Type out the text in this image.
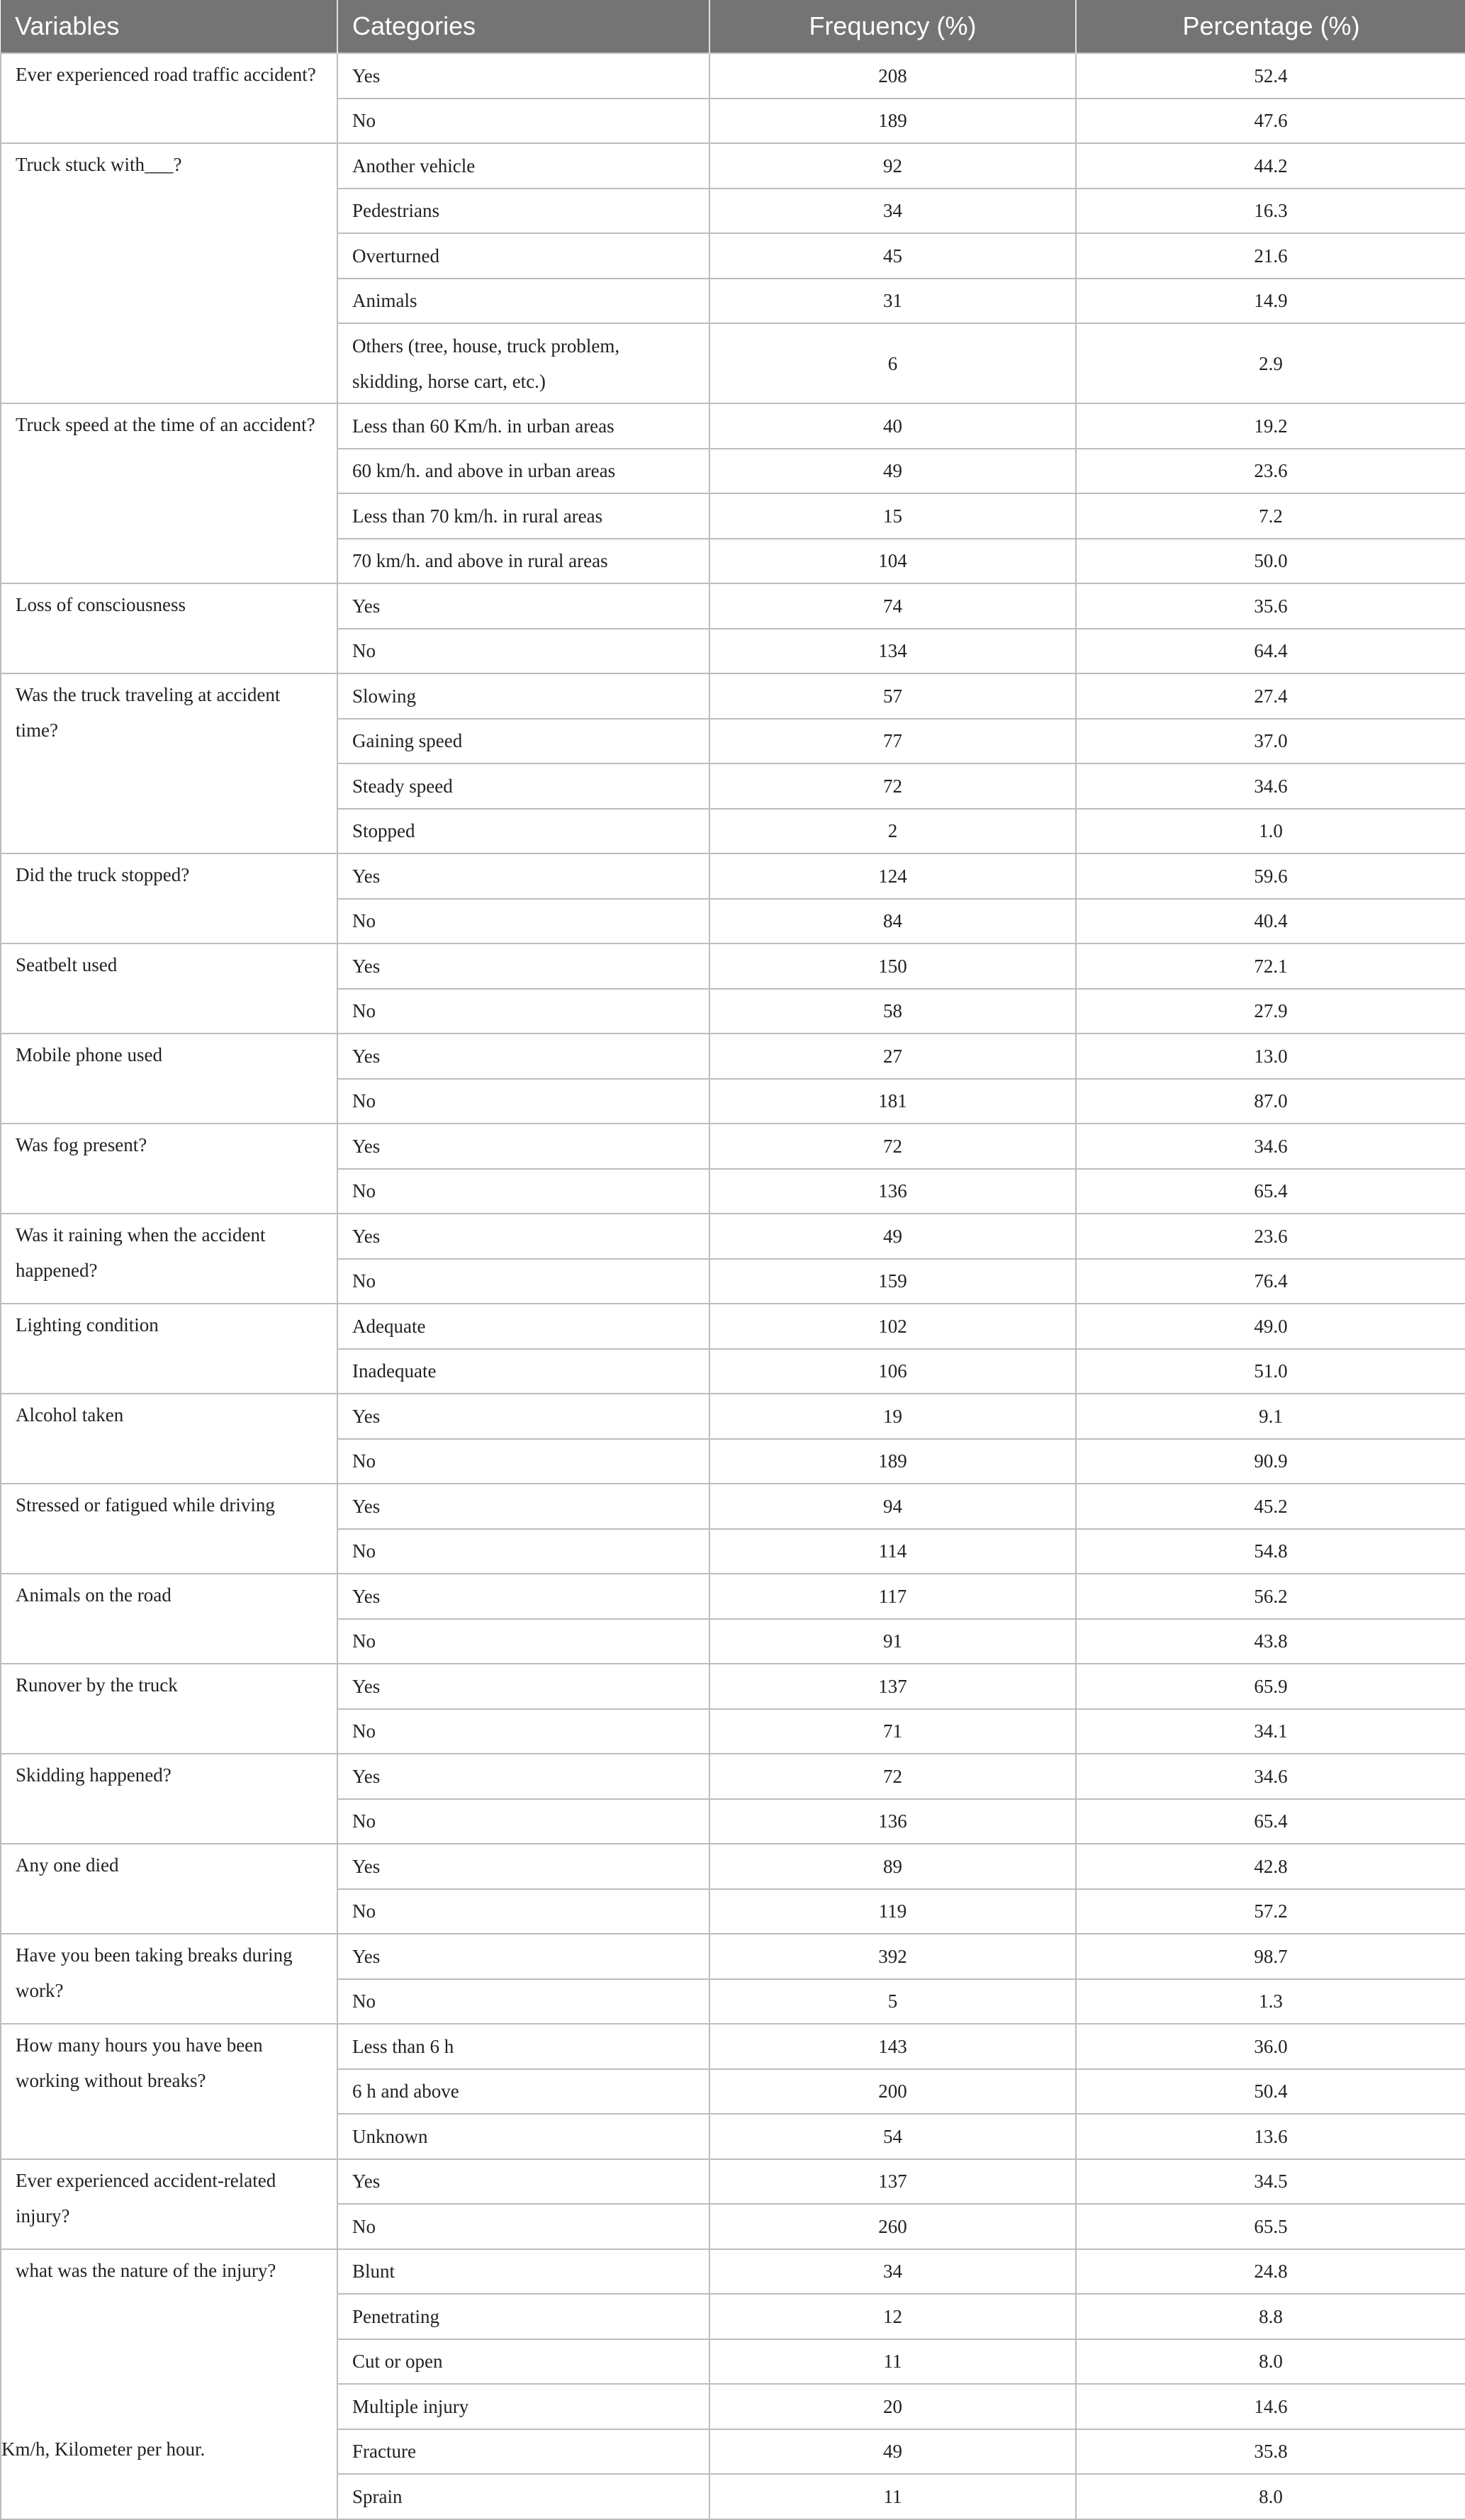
Variables	Categories	Frequency (%)	Percentage (%)
Ever experienced road traffic accident?	Yes	208	52.4
	No	189	47.6
Truck stuck with___?	Another vehicle	92	44.2
	Pedestrians	34	16.3
	Overturned	45	21.6
	Animals	31	14.9
	Others (tree, house, truck problem, skidding, horse cart, etc.)	6	2.9
Truck speed at the time of an accident?	Less than 60 Km/h. in urban areas	40	19.2
	60 km/h. and above in urban areas	49	23.6
	Less than 70 km/h. in rural areas	15	7.2
	70 km/h. and above in rural areas	104	50.0
Loss of consciousness	Yes	74	35.6
	No	134	64.4
Was the truck traveling at accident time?	Slowing	57	27.4
	Gaining speed	77	37.0
	Steady speed	72	34.6
	Stopped	2	1.0
Did the truck stopped?	Yes	124	59.6
	No	84	40.4
Seatbelt used	Yes	150	72.1
	No	58	27.9
Mobile phone used	Yes	27	13.0
	No	181	87.0
Was fog present?	Yes	72	34.6
	No	136	65.4
Was it raining when the accident happened?	Yes	49	23.6
	No	159	76.4
Lighting condition	Adequate	102	49.0
	Inadequate	106	51.0
Alcohol taken	Yes	19	9.1
	No	189	90.9
Stressed or fatigued while driving	Yes	94	45.2
	No	114	54.8
Animals on the road	Yes	117	56.2
	No	91	43.8
Runover by the truck	Yes	137	65.9
	No	71	34.1
Skidding happened?	Yes	72	34.6
	No	136	65.4
Any one died	Yes	89	42.8
	No	119	57.2
Have you been taking breaks during work?	Yes	392	98.7
	No	5	1.3
How many hours you have been working without breaks?	Less than 6 h	143	36.0
	6 h and above	200	50.4
	Unknown	54	13.6
Ever experienced accident-related injury?	Yes	137	34.5
	No	260	65.5
what was the nature of the injury?	Blunt	34	24.8
	Penetrating	12	8.8
	Cut or open	11	8.0
	Multiple injury	20	14.6
	Fracture	49	35.8
	Sprain	11	8.0
Km/h, Kilometer per hour.
